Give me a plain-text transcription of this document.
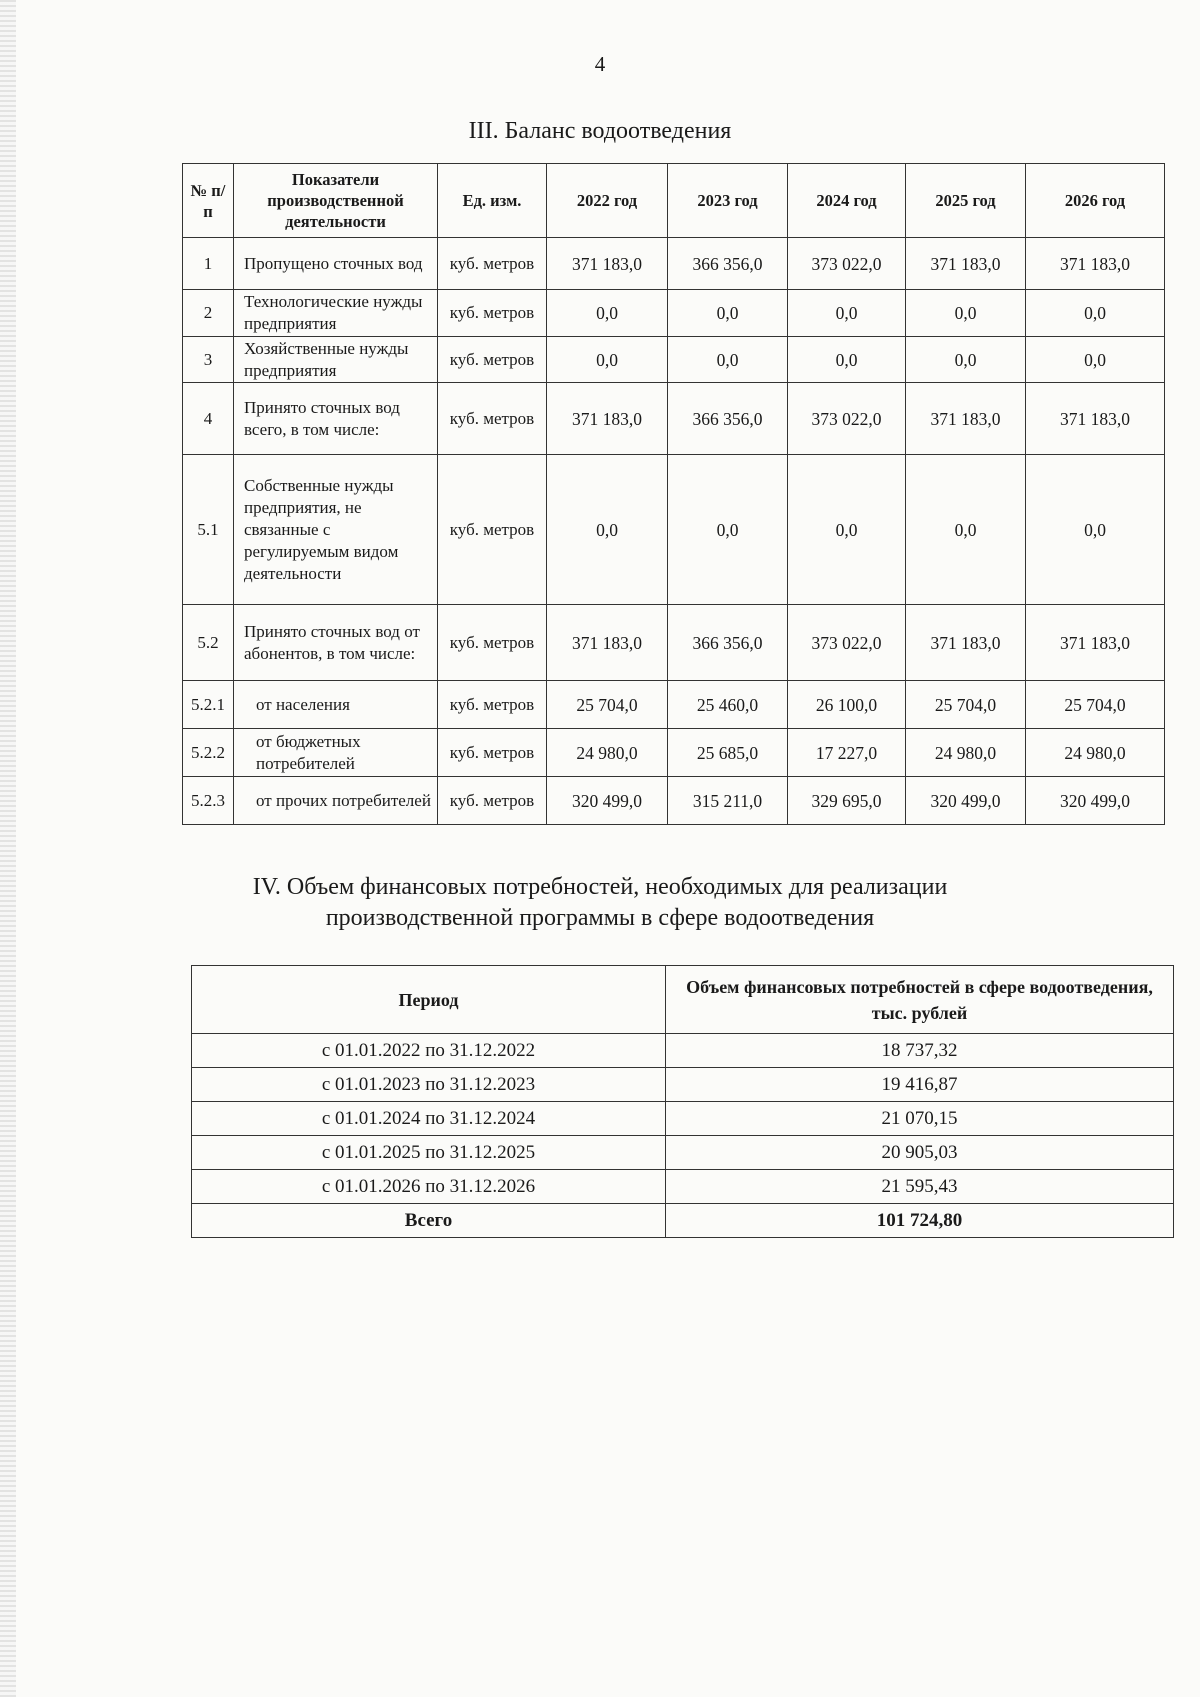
4
III. Баланс водоотведения
№ п/п	Показатели производственной деятельности	Ед. изм.	2022 год	2023 год	2024 год	2025 год	2026 год
1	Пропущено сточных вод	куб. метров	371 183,0	366 356,0	373 022,0	371 183,0	371 183,0
2	Технологические нужды предприятия	куб. метров	0,0	0,0	0,0	0,0	0,0
3	Хозяйственные нужды предприятия	куб. метров	0,0	0,0	0,0	0,0	0,0
4	Принято сточных вод всего, в том числе:	куб. метров	371 183,0	366 356,0	373 022,0	371 183,0	371 183,0
5.1	Собственные нужды предприятия, не связанные с регулируемым видом деятельности	куб. метров	0,0	0,0	0,0	0,0	0,0
5.2	Принято сточных вод от абонентов, в том числе:	куб. метров	371 183,0	366 356,0	373 022,0	371 183,0	371 183,0
5.2.1	от населения	куб. метров	25 704,0	25 460,0	26 100,0	25 704,0	25 704,0
5.2.2	от бюджетных потребителей	куб. метров	24 980,0	25 685,0	17 227,0	24 980,0	24 980,0
5.2.3	от прочих потребителей	куб. метров	320 499,0	315 211,0	329 695,0	320 499,0	320 499,0
IV. Объем финансовых потребностей, необходимых для реализации производственной программы в сфере водоотведения
Период	Объем финансовых потребностей в сфере водоотведения, тыс. рублей
с 01.01.2022 по 31.12.2022	18 737,32
с 01.01.2023 по 31.12.2023	19 416,87
с 01.01.2024 по 31.12.2024	21 070,15
с 01.01.2025 по 31.12.2025	20 905,03
с 01.01.2026 по 31.12.2026	21 595,43
Всего	101 724,80
